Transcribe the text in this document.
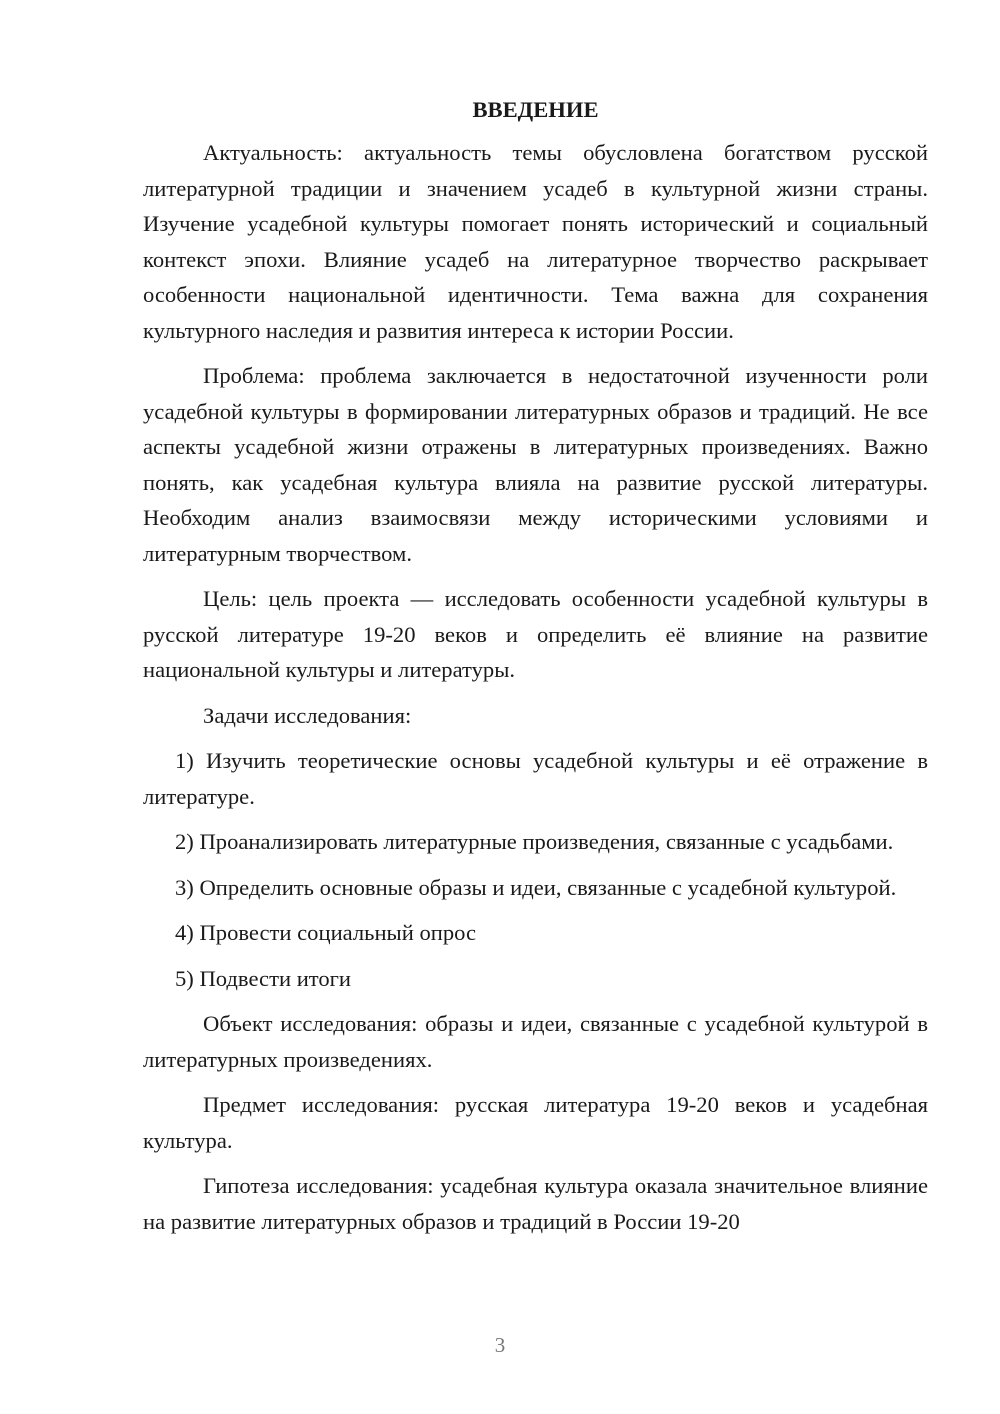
ВВЕДЕНИЕ

Актуальность: актуальность темы обусловлена богатством русской литературной традиции и значением усадеб в культурной жизни страны. Изучение усадебной культуры помогает понять исторический и социальный контекст эпохи. Влияние усадеб на литературное творчество раскрывает особенности национальной идентичности. Тема важна для сохранения культурного наследия и развития интереса к истории России.

Проблема: проблема заключается в недостаточной изученности роли усадебной культуры в формировании литературных образов и традиций. Не все аспекты усадебной жизни отражены в литературных произведениях. Важно понять, как усадебная культура влияла на развитие русской литературы. Необходим анализ взаимосвязи между историческими условиями и литературным творчеством.

Цель: цель проекта — исследовать особенности усадебной культуры в русской литературе 19-20 веков и определить её влияние на развитие национальной культуры и литературы.

Задачи исследования:

1) Изучить теоретические основы усадебной культуры и её отражение в литературе.

2) Проанализировать литературные произведения, связанные с усадьбами.

3) Определить основные образы и идеи, связанные с усадебной культурой.

4) Провести социальный опрос

5) Подвести итоги

Объект исследования: образы и идеи, связанные с усадебной культурой в литературных произведениях.

Предмет исследования: русская литература 19-20 веков и усадебная культура.

Гипотеза исследования: усадебная культура оказала значительное влияние на развитие литературных образов и традиций в России 19-20

3
